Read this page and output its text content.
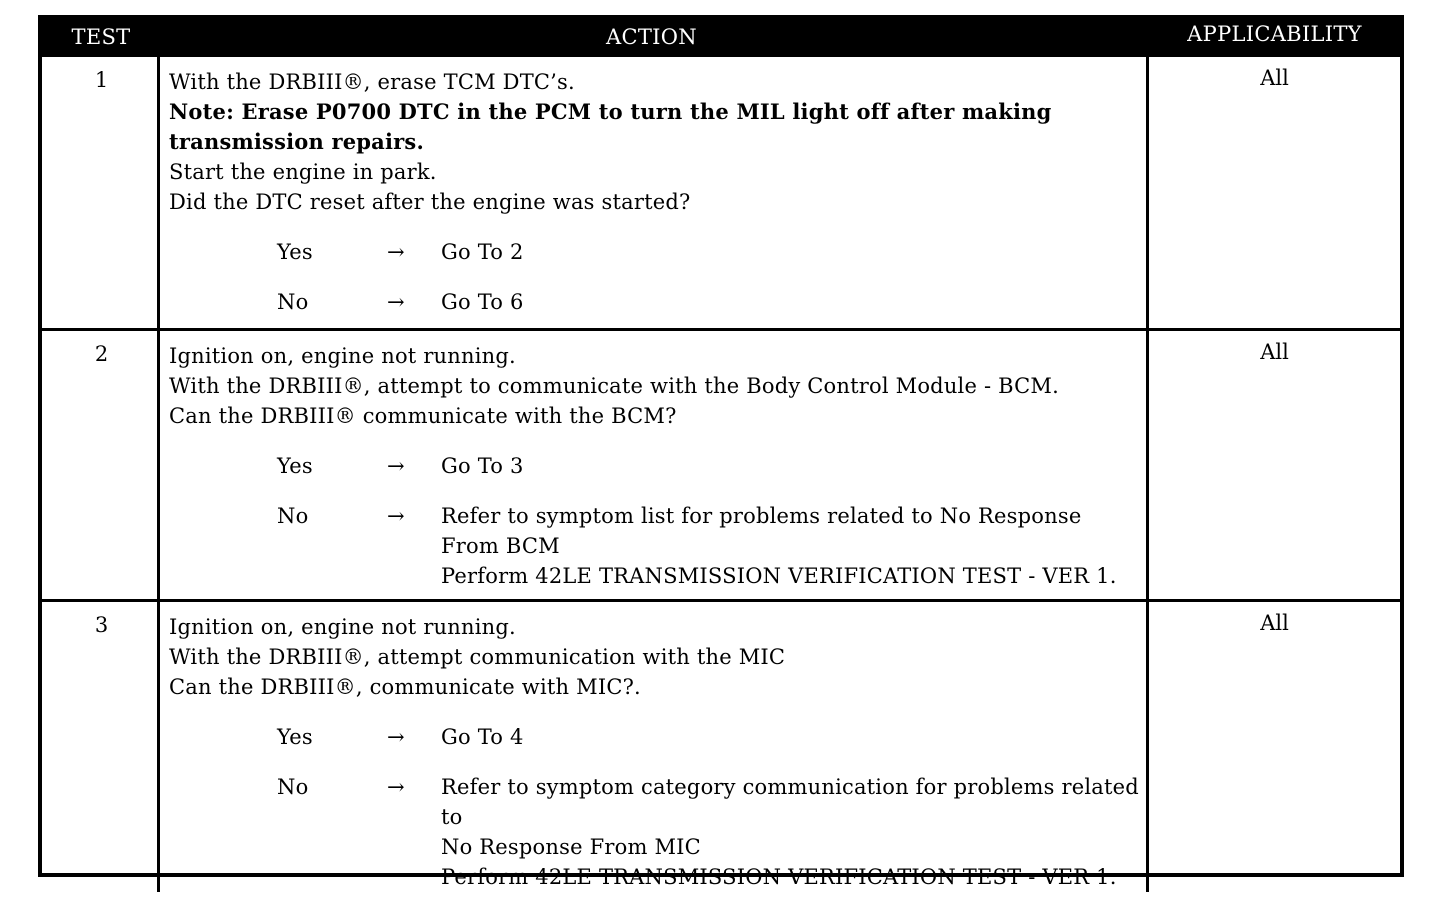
TEST	ACTION	APPLICABILITY
1	With the DRBIII®, erase TCM DTC’s.
Note: Erase P0700 DTC in the PCM to turn the MIL light off after making transmission repairs.
Start the engine in park.
Did the DTC reset after the engine was started?
Yes	→	Go To 2
No	→	Go To 6
All
2	Ignition on, engine not running.
With the DRBIII®, attempt to communicate with the Body Control Module - BCM.
Can the DRBIII® communicate with the BCM?
Yes	→	Go To 3
No	→	Refer to symptom list for problems related to No Response From BCM
Perform 42LE TRANSMISSION VERIFICATION TEST - VER 1.
All
3	Ignition on, engine not running.
With the DRBIII®, attempt communication with the MIC
Can the DRBIII®, communicate with MIC?.
Yes	→	Go To 4
No	→	Refer to symptom category communication for problems related to
No Response From MIC
Perform 42LE TRANSMISSION VERIFICATION TEST - VER 1.
All
